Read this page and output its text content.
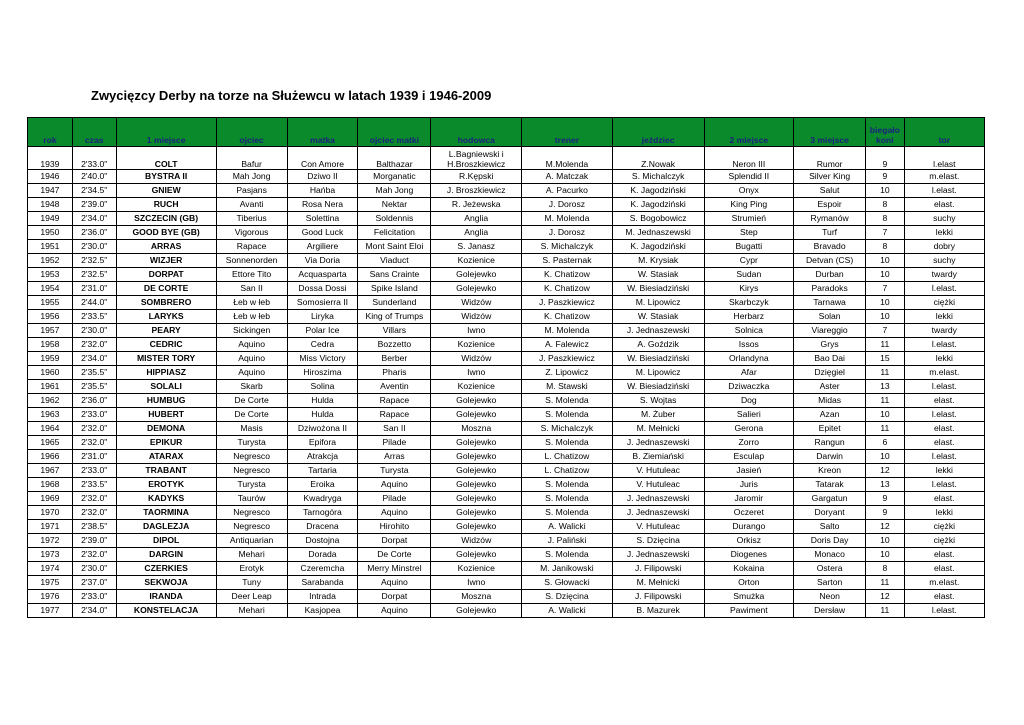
Zwycięzcy Derby na torze na Służewcu w latach 1939 i 1946-2009
rok	czas	1 miejsce	ojciec	matka	ojciec matki	hodowca	trener	jeździec	2 miejsce	3 miejsce	biegało koni	tor
1939	2'33.0"	COLT	Bafur	Con Amore	Balthazar	L.Bagniewski i H.Broszkiewicz	M.Molenda	Z.Nowak	Neron III	Rumor	9	l.elast
1946	2'40.0"	BYSTRA II	Mah Jong	Dziwo II	Morganatic	R.Kępski	A. Matczak	S. Michalczyk	Splendid II	Silver King	9	m.elast.
1947	2'34.5"	GNIEW	Pasjans	Hańba	Mah Jong	J. Broszkiewicz	A. Pacurko	K. Jagodziński	Onyx	Salut	10	l.elast.
1948	2'39.0"	RUCH	Avanti	Rosa Nera	Nektar	R. Jeżewska	J. Dorosz	K. Jagodziński	King Ping	Espoir	8	elast.
1949	2'34.0"	SZCZECIN (GB)	Tiberius	Solettina	Soldennis	Anglia	M. Molenda	S. Bogobowicz	Strumień	Rymanów	8	suchy
1950	2'36.0"	GOOD BYE (GB)	Vigorous	Good Luck	Felicitation	Anglia	J. Dorosz	M. Jednaszewski	Step	Turf	7	lekki
1951	2'30.0"	ARRAS	Rapace	Argiliere	Mont Saint Eloi	S. Janasz	S. Michalczyk	K. Jagodziński	Bugatti	Bravado	8	dobry
1952	2'32.5"	WIZJER	Sonnenorden	Via Doria	Viaduct	Kozienice	S. Pasternak	M. Krysiak	Cypr	Detvan (CS)	10	suchy
1953	2'32.5"	DORPAT	Ettore Tito	Acquasparta	Sans Crainte	Golejewko	K. Chatizow	W. Stasiak	Sudan	Durban	10	twardy
1954	2'31.0"	DE CORTE	San II	Dossa Dossi	Spike Island	Golejewko	K. Chatizow	W. Biesiadziński	Kirys	Paradoks	7	l.elast.
1955	2'44.0"	SOMBRERO	Łeb w łeb	Somosierra II	Sunderland	Widzów	J. Paszkiewicz	M. Lipowicz	Skarbczyk	Tarnawa	10	ciężki
1956	2'33.5"	LARYKS	Łeb w łeb	Liryka	King of Trumps	Widzów	K. Chatizow	W. Stasiak	Herbarz	Solan	10	lekki
1957	2'30.0"	PEARY	Sickingen	Polar Ice	Villars	Iwno	M. Molenda	J. Jednaszewski	Solnica	Viareggio	7	twardy
1958	2'32.0"	CEDRIC	Aquino	Cedra	Bozzetto	Kozienice	A. Falewicz	A. Goździk	Issos	Grys	11	l.elast.
1959	2'34.0"	MISTER TORY	Aquino	Miss Victory	Berber	Widzów	J. Paszkiewicz	W. Biesiadziński	Orlandyna	Bao Dai	15	lekki
1960	2'35.5"	HIPPIASZ	Aquino	Hiroszima	Pharis	Iwno	Z. Lipowicz	M. Lipowicz	Afar	Dzięgiel	11	m.elast.
1961	2'35.5"	SOLALI	Skarb	Solina	Aventin	Kozienice	M. Stawski	W. Biesiadziński	Dziwaczka	Aster	13	l.elast.
1962	2'36.0"	HUMBUG	De Corte	Hulda	Rapace	Golejewko	S. Molenda	S. Wojtas	Dog	Midas	11	elast.
1963	2'33.0"	HUBERT	De Corte	Hulda	Rapace	Golejewko	S. Molenda	M. Żuber	Salieri	Azan	10	l.elast.
1964	2'32.0"	DEMONA	Masis	Dziwożona II	San II	Moszna	S. Michalczyk	M. Mełnicki	Gerona	Epitet	11	elast.
1965	2'32.0"	EPIKUR	Turysta	Epifora	Pilade	Golejewko	S. Molenda	J. Jednaszewski	Zorro	Rangun	6	elast.
1966	2'31.0"	ATARAX	Negresco	Atrakcja	Arras	Golejewko	L. Chatizow	B. Ziemiański	Esculap	Darwin	10	l.elast.
1967	2'33.0"	TRABANT	Negresco	Tartaria	Turysta	Golejewko	L. Chatizow	V. Hutuleac	Jasień	Kreon	12	lekki
1968	2'33.5"	EROTYK	Turysta	Eroika	Aquino	Golejewko	S. Molenda	V. Hutuleac	Juris	Tatarak	13	l.elast.
1969	2'32.0"	KADYKS	Taurów	Kwadryga	Pilade	Golejewko	S. Molenda	J. Jednaszewski	Jaromir	Gargatun	9	elast.
1970	2'32.0"	TAORMINA	Negresco	Tarnogóra	Aquino	Golejewko	S. Molenda	J. Jednaszewski	Oczeret	Doryant	9	lekki
1971	2'38.5"	DAGLEZJA	Negresco	Dracena	Hirohito	Golejewko	A. Walicki	V. Hutuleac	Durango	Salto	12	ciężki
1972	2'39.0"	DIPOL	Antiquarian	Dostojna	Dorpat	Widzów	J. Paliński	S. Dzięcina	Orkisz	Doris Day	10	ciężki
1973	2'32.0"	DARGIN	Mehari	Dorada	De Corte	Golejewko	S. Molenda	J. Jednaszewski	Diogenes	Monaco	10	elast.
1974	2'30.0"	CZERKIES	Erotyk	Czeremcha	Merry Minstrel	Kozienice	M. Janikowski	J. Filipowski	Kokaina	Ostera	8	elast.
1975	2'37.0"	SEKWOJA	Tuny	Sarabanda	Aquino	Iwno	S. Głowacki	M. Mełnicki	Orton	Sarton	11	m.elast.
1976	2'33.0"	IRANDA	Deer Leap	Intrada	Dorpat	Moszna	S. Dzięcina	J. Filipowski	Smużka	Neon	12	elast.
1977	2'34.0"	KONSTELACJA	Mehari	Kasjopea	Aquino	Golejewko	A. Walicki	B. Mazurek	Pawiment	Dersław	11	l.elast.
